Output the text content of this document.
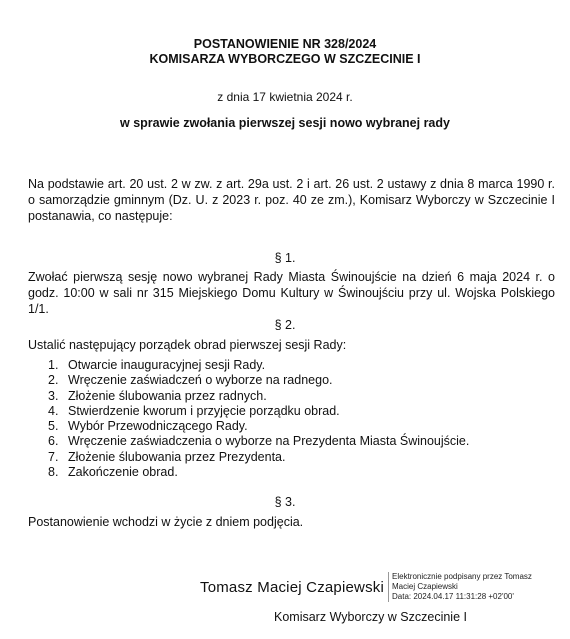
POSTANOWIENIE NR 328/2024
KOMISARZA WYBORCZEGO W SZCZECINIE I
z dnia 17 kwietnia 2024 r.
w sprawie zwołania pierwszej sesji nowo wybranej rady
Na podstawie art. 20 ust. 2 w zw. z art. 29a ust. 2 i art. 26 ust. 2 ustawy z dnia 8 marca 1990 r. o samorządzie gminnym (Dz. U. z 2023 r. poz. 40 ze zm.), Komisarz Wyborczy w Szczecinie I postanawia, co następuje:
§ 1.
Zwołać pierwszą sesję nowo wybranej Rady Miasta Świnoujście na dzień 6 maja 2024 r. o godz. 10:00 w sali nr 315 Miejskiego Domu Kultury w Świnoujściu przy ul. Wojska Polskiego 1/1.
§ 2.
Ustalić następujący porządek obrad pierwszej sesji Rady:
1. Otwarcie inauguracyjnej sesji Rady.
2. Wręczenie zaświadczeń o wyborze na radnego.
3. Złożenie ślubowania przez radnych.
4. Stwierdzenie kworum i przyjęcie porządku obrad.
5. Wybór Przewodniczącego Rady.
6. Wręczenie zaświadczenia o wyborze na Prezydenta Miasta Świnoujście.
7. Złożenie ślubowania przez Prezydenta.
8. Zakończenie obrad.
§ 3.
Postanowienie wchodzi w życie z dniem podjęcia.
Tomasz Maciej Czapiewski
Elektronicznie podpisany przez Tomasz
Maciej Czapiewski
Data: 2024.04.17 11:31:28 +02'00'
Komisarz Wyborczy w Szczecinie I
